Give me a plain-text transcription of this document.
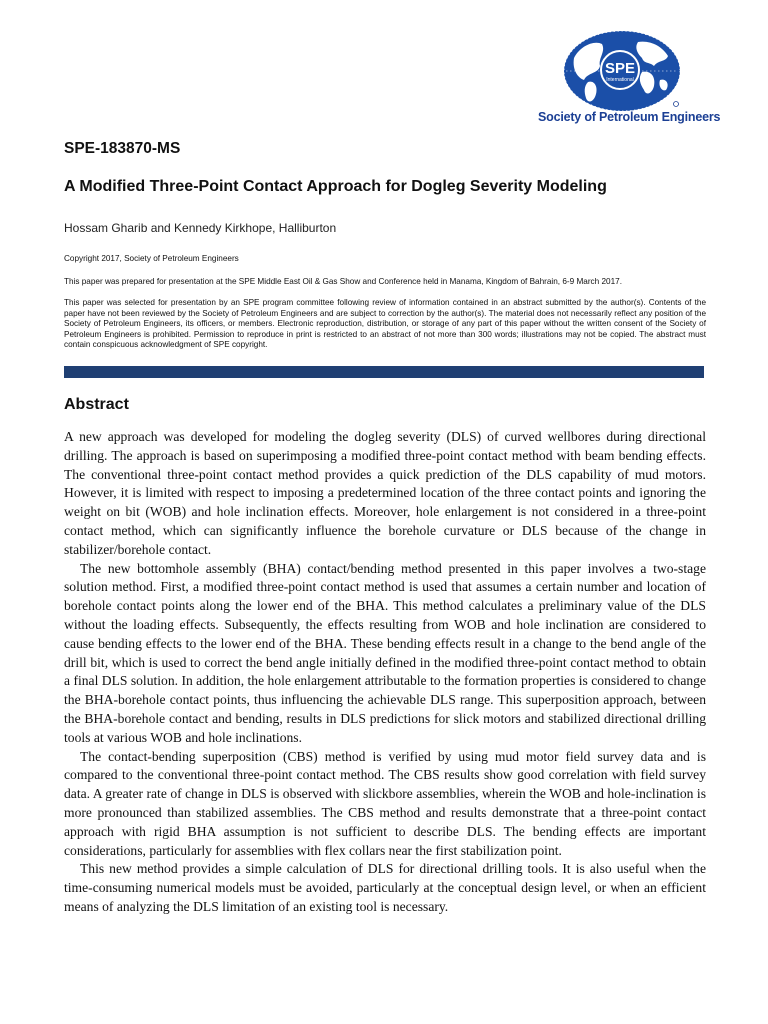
SPE
International
Society of Petroleum Engineers
SPE-183870-MS
A Modified Three-Point Contact Approach for Dogleg Severity Modeling
Hossam Gharib and Kennedy Kirkhope, Halliburton
Copyright 2017, Society of Petroleum Engineers
This paper was prepared for presentation at the SPE Middle East Oil & Gas Show and Conference held in Manama, Kingdom of Bahrain, 6-9 March 2017.
This paper was selected for presentation by an SPE program committee following review of information contained in an abstract submitted by the author(s). Contents of the paper have not been reviewed by the Society of Petroleum Engineers and are subject to correction by the author(s). The material does not necessarily reflect any position of the Society of Petroleum Engineers, its officers, or members. Electronic reproduction, distribution, or storage of any part of this paper without the written consent of the Society of Petroleum Engineers is prohibited. Permission to reproduce in print is restricted to an abstract of not more than 300 words; illustrations may not be copied. The abstract must contain conspicuous acknowledgment of SPE copyright.
Abstract

A new approach was developed for modeling the dogleg severity (DLS) of curved wellbores during directional drilling. The approach is based on superimposing a modified three-point contact method with beam bending effects. The conventional three-point contact method provides a quick prediction of the DLS capability of mud motors. However, it is limited with respect to imposing a predetermined location of the three contact points and ignoring the weight on bit (WOB) and hole inclination effects. Moreover, hole enlargement is not considered in a three-point contact method, which can significantly influence the borehole curvature or DLS because of the change in stabilizer/borehole contact.

The new bottomhole assembly (BHA) contact/bending method presented in this paper involves a two-stage solution method. First, a modified three-point contact method is used that assumes a certain number and location of borehole contact points along the lower end of the BHA. This method calculates a preliminary value of the DLS without the loading effects. Subsequently, the effects resulting from WOB and hole inclination are considered to cause bending effects to the lower end of the BHA. These bending effects result in a change to the bend angle of the drill bit, which is used to correct the bend angle initially defined in the modified three-point contact method to obtain a final DLS solution. In addition, the hole enlargement attributable to the formation properties is considered to change the BHA-borehole contact points, thus influencing the achievable DLS range. This superposition approach, between the BHA-borehole contact and bending, results in DLS predictions for slick motors and stabilized directional drilling tools at various WOB and hole inclinations.

The contact-bending superposition (CBS) method is verified by using mud motor field survey data and is compared to the conventional three-point contact method. The CBS results show good correlation with field survey data. A greater rate of change in DLS is observed with slickbore assemblies, wherein the WOB and hole-inclination is more pronounced than stabilized assemblies. The CBS method and results demonstrate that a three-point contact approach with rigid BHA assumption is not sufficient to describe DLS. The bending effects are important considerations, particularly for assemblies with flex collars near the first stabilization point.

This new method provides a simple calculation of DLS for directional drilling tools. It is also useful when the time-consuming numerical models must be avoided, particularly at the conceptual design level, or when an efficient means of analyzing the DLS limitation of an existing tool is necessary.
